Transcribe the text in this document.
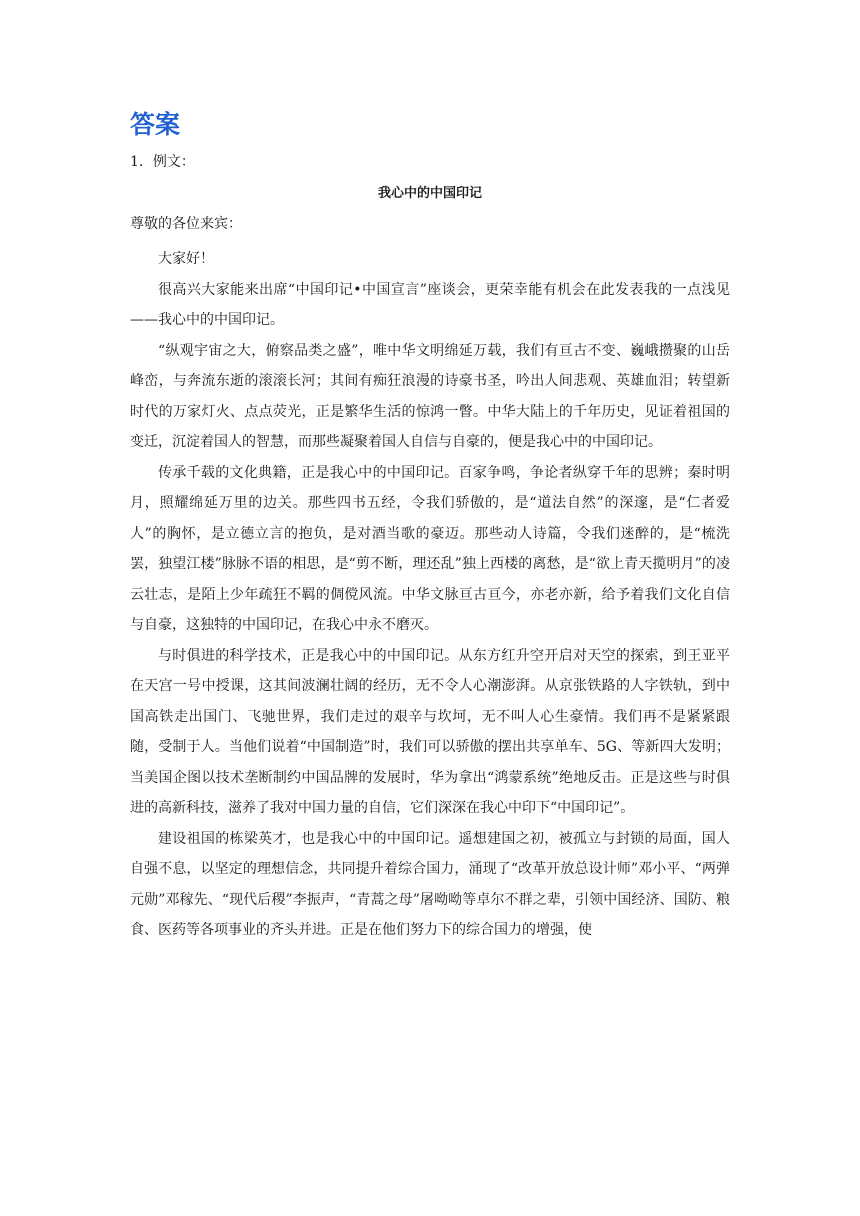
答案
1．例文：
我心中的中国印记
尊敬的各位来宾：

大家好！

很高兴大家能来出席“中国印记•中国宣言”座谈会，更荣幸能有机会在此发表我的一点浅见——我心中的中国印记。

“纵观宇宙之大，俯察品类之盛”，唯中华文明绵延万载，我们有亘古不变、巍峨攒聚的山岳峰峦，与奔流东逝的滚滚长河；其间有痴狂浪漫的诗豪书圣，吟出人间悲观、英雄血泪；转望新时代的万家灯火、点点荧光，正是繁华生活的惊鸿一瞥。中华大陆上的千年历史，见证着祖国的变迁，沉淀着国人的智慧，而那些凝聚着国人自信与自豪的，便是我心中的中国印记。

传承千载的文化典籍，正是我心中的中国印记。百家争鸣，争论者纵穿千年的思辨；秦时明月，照耀绵延万里的边关。那些四书五经，令我们骄傲的，是“道法自然”的深邃，是“仁者爱人”的胸怀，是立德立言的抱负，是对酒当歌的豪迈。那些动人诗篇，令我们迷醉的，是“梳洗罢，独望江楼”脉脉不语的相思，是“剪不断，理还乱”独上西楼的离愁，是“欲上青天揽明月”的凌云壮志，是陌上少年疏狂不羁的倜傥风流。中华文脉亘古亘今，亦老亦新，给予着我们文化自信与自豪，这独特的中国印记，在我心中永不磨灭。

与时俱进的科学技术，正是我心中的中国印记。从东方红升空开启对天空的探索，到王亚平在天宫一号中授课，这其间波澜壮阔的经历，无不令人心潮澎湃。从京张铁路的人字铁轨，到中国高铁走出国门、飞驰世界，我们走过的艰辛与坎坷，无不叫人心生豪情。我们再不是紧紧跟随，受制于人。当他们说着“中国制造”时，我们可以骄傲的摆出共享单车、5G、等新四大发明；当美国企图以技术垄断制约中国品牌的发展时，华为拿出“鸿蒙系统”绝地反击。正是这些与时俱进的高新科技，滋养了我对中国力量的自信，它们深深在我心中印下“中国印记”。

建设祖国的栋梁英才，也是我心中的中国印记。遥想建国之初，被孤立与封锁的局面，国人自强不息，以坚定的理想信念，共同提升着综合国力，涌现了“改革开放总设计师”邓小平、“两弹元勋”邓稼先、“现代后稷”李振声，“青蒿之母”屠呦呦等卓尔不群之辈，引领中国经济、国防、粮食、医药等各项事业的齐头并进。正是在他们努力下的综合国力的增强，使
